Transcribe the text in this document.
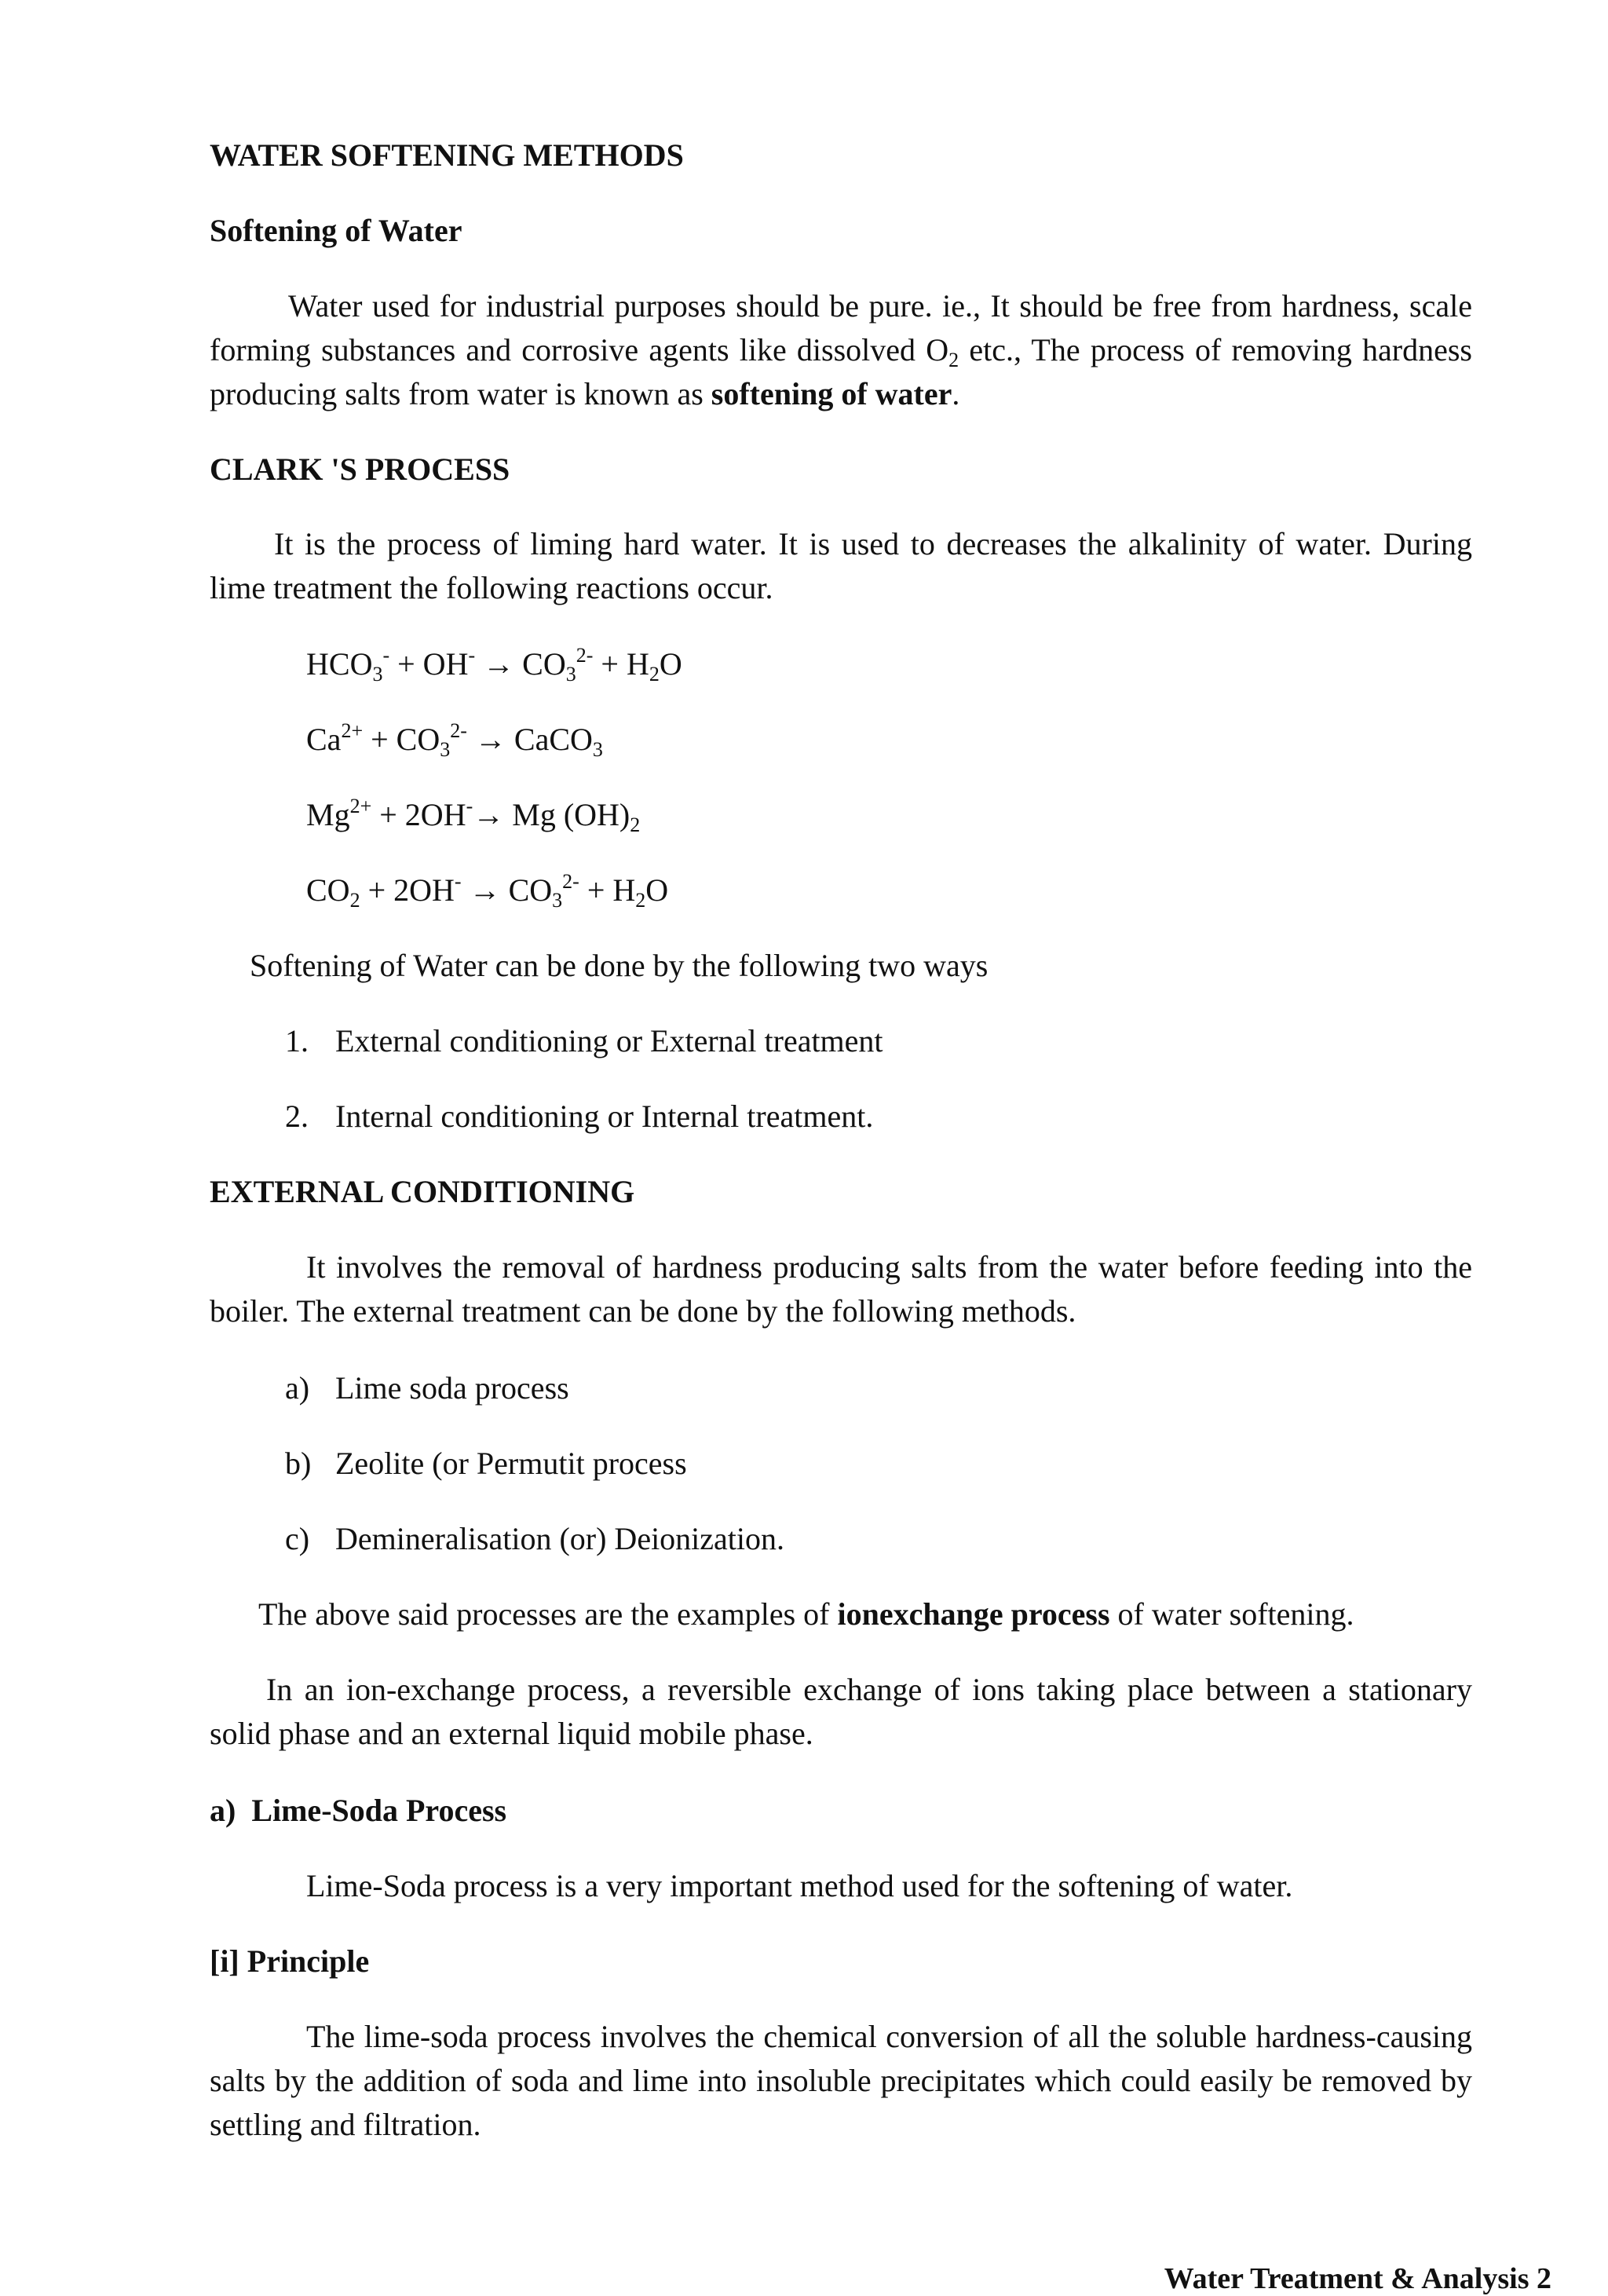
WATER SOFTENING METHODS
Softening of Water

Water used for industrial purposes should be pure. ie., It should be free from hardness, scale forming substances and corrosive agents like dissolved $O_2$ etc., The process of removing hardness producing salts from water is known as softening of water.

CLARK 'S PROCESS

It is the process of liming hard water. It is used to decreases the alkalinity of water. During lime treatment the following reactions occur.

$HCO_3^- + OH^- \to CO_3^{2-} + H_2O$
$Ca^{2+} + CO_3^{2-}$ → CaCO$_3$
$Mg^{2+} + 2OH^-\to Mg$ $(OH)_2$
$CO_2 + 2OH^- \to CO_3^{2-} + H_2O$
Softening of Water can be done by the following two ways
1. External conditioning or External treatment
2. Internal conditioning or Internal treatment.
EXTERNAL CONDITIONING

It involves the removal of hardness producing salts from the water before feeding into the boiler. The external treatment can be done by the following methods.

a) Lime soda process
b) Zeolite (or Permutit process
c) Demineralisation (or) Deionization.
The above said processes are the examples of ionexchange process of water softening.

In an ion-exchange process, a reversible exchange of ions taking place between a stationary solid phase and an external liquid mobile phase.

a)  Lime-Soda Process
Lime-Soda process is a very important method used for the softening of water.
[i] Principle

The lime-soda process involves the chemical conversion of all the soluble hardness-causing salts by the addition of soda and lime into insoluble precipitates which could easily be removed by settling and filtration.

Water Treatment & Analysis 2
